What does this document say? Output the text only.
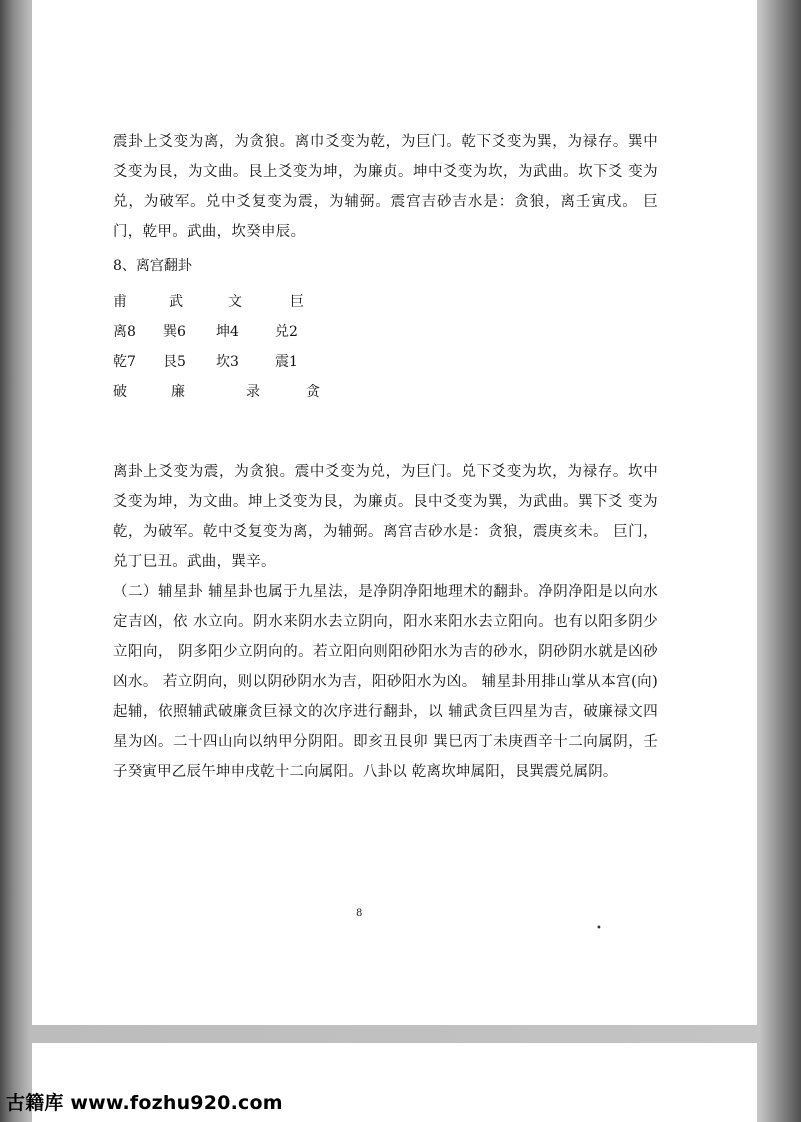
震卦上爻变为离，为贪狼。离巾爻变为乾，为巨门。乾下爻变为巽，为禄存。巽中爻变为艮，为文曲。艮上爻变为坤，为廉贞。坤中爻变为坎，为武曲。坎下爻 变为兑，为破军。兑中爻复变为震，为辅弼。震宫吉砂吉水是：贪狼，离壬寅戌。 巨门，乾甲。武曲，坎癸申辰。

8、离宫翻卦

甫	武	文	巨
离8 巽6 坤4	兑2
乾7 艮5 坎3	震1
破	廉	录	贪

离卦上爻变为震，为贪狼。震中爻变为兑，为巨门。兑下爻变为坎，为禄存。坎中爻变为坤，为文曲。坤上爻变为艮，为廉贞。艮中爻变为巽，为武曲。巽下爻 变为乾，为破军。乾中爻复变为离，为辅弼。离宫吉砂水是：贪狼，震庚亥未。 巨门，兑丁巳丑。武曲，巽辛。

（二）辅星卦 辅星卦也属于九星法，是净阴净阳地理术的翻卦。净阴净阳是以向水定吉凶，依 水立向。阴水来阴水去立阴向，阳水来阳水去立阳向。也有以阳多阴少立阳向， 阴多阳少立阴向的。若立阳向则阳砂阳水为吉的砂水，阴砂阴水就是凶砂凶水。 若立阴向，则以阴砂阴水为吉，阳砂阳水为凶。 辅星卦用排山掌从本宫(向)起辅，依照辅武破廉贪巨禄文的次序进行翻卦，以 辅武贪巨四星为吉，破廉禄文四星为凶。二十四山向以纳甲分阴阳。即亥丑艮卯 巽巳丙丁未庚酉辛十二向属阴，壬子癸寅甲乙辰午坤申戌乾十二向属阳。八卦以 乾离坎坤属阳，艮巽震兑属阴。

8
•
古籍库 www.fozhu920.com
